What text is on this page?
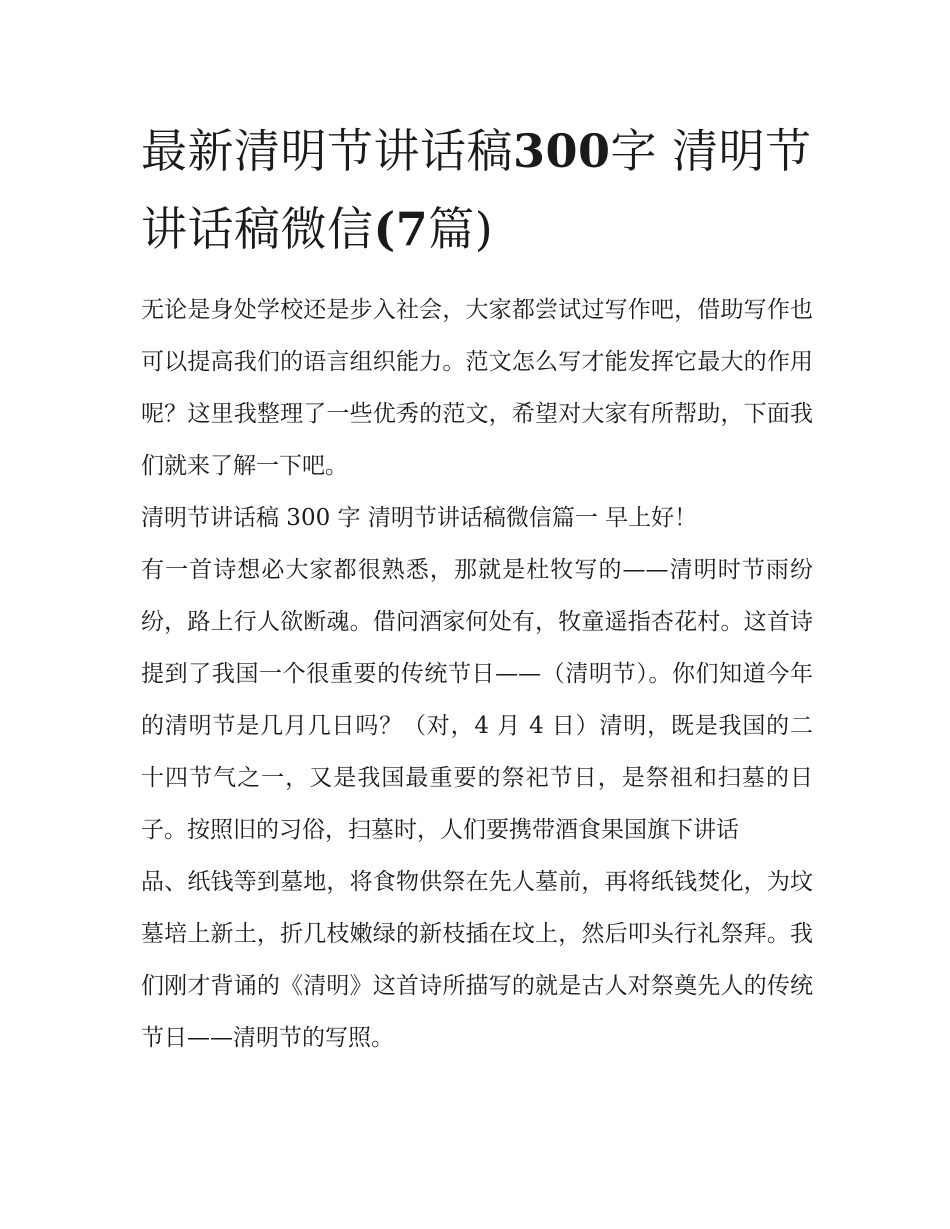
最新清明节讲话稿300字 清明节讲话稿微信(7篇)

无论是身处学校还是步入社会，大家都尝试过写作吧，借助写作也可以提高我们的语言组织能力。范文怎么写才能发挥它最大的作用呢？这里我整理了一些优秀的范文，希望对大家有所帮助，下面我们就来了解一下吧。

清明节讲话稿 300 字 清明节讲话稿微信篇一 早上好！

有一首诗想必大家都很熟悉，那就是杜牧写的——清明时节雨纷纷，路上行人欲断魂。借问酒家何处有，牧童遥指杏花村。这首诗提到了我国一个很重要的传统节日——（清明节）。你们知道今年的清明节是几月几日吗？（对，4 月 4 日）清明，既是我国的二十四节气之一，又是我国最重要的祭祀节日，是祭祖和扫墓的日子。按照旧的习俗，扫墓时，人们要携带酒食果国旗下讲话

品、纸钱等到墓地，将食物供祭在先人墓前，再将纸钱焚化，为坟墓培上新土，折几枝嫩绿的新枝插在坟上，然后叩头行礼祭拜。我们刚才背诵的《清明》这首诗所描写的就是古人对祭奠先人的传统节日——清明节的写照。
